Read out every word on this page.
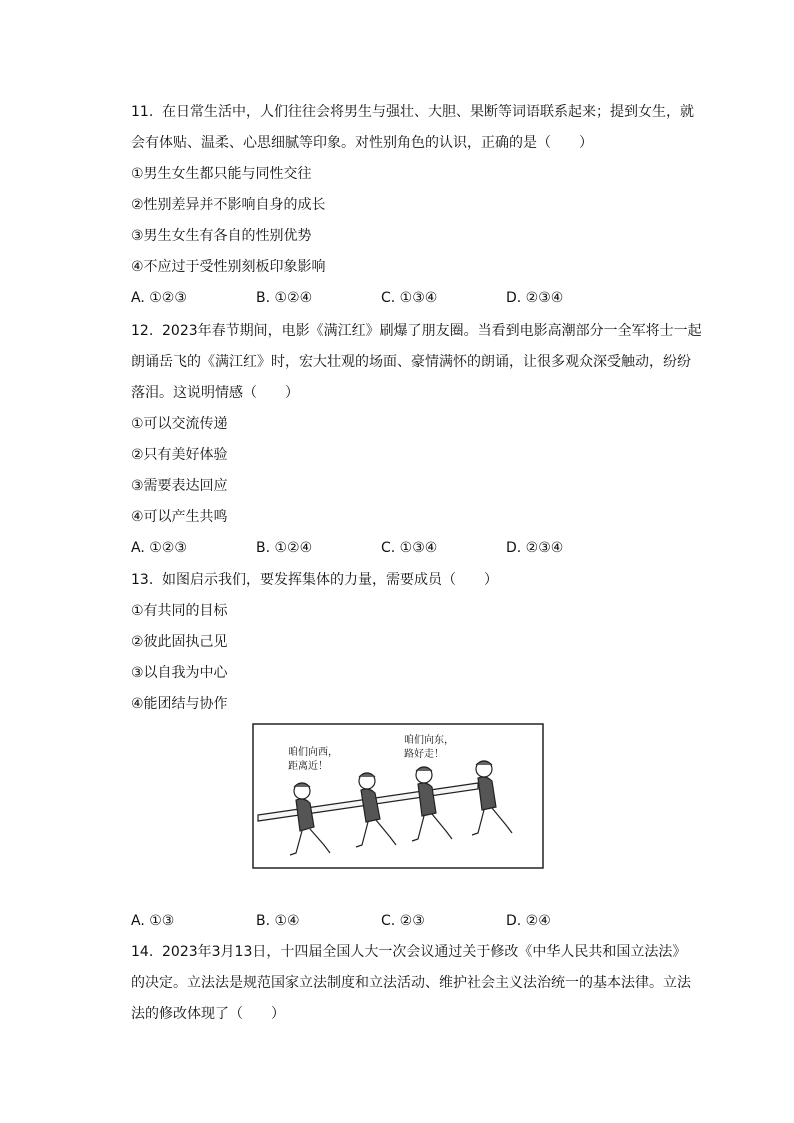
11. 在日常生活中，人们往往会将男生与强壮、大胆、果断等词语联系起来；提到女生，就
会有体贴、温柔、心思细腻等印象。对性别角色的认识，正确的是（　　）
①男生女生都只能与同性交往
②性别差异并不影响自身的成长
③男生女生有各自的性别优势
④不应过于受性别刻板印象影响
A. ①②③	B. ①②④	C. ①③④	D. ②③④
12. 2023年春节期间，电影《满江红》刷爆了朋友圈。当看到电影高潮部分一全军将士一起
朗诵岳飞的《满江红》时，宏大壮观的场面、豪情满怀的朗诵，让很多观众深受触动，纷纷
落泪。这说明情感（　　）
①可以交流传递
②只有美好体验
③需要表达回应
④可以产生共鸣
A. ①②③	B. ①②④	C. ①③④	D. ②③④
13. 如图启示我们，要发挥集体的力量，需要成员（　　）
①有共同的目标
②彼此固执己见
③以自我为中心
④能团结与协作
咱们向西，
距离近！
咱们向东，
路好走！
A. ①③	B. ①④	C. ②③	D. ②④
14. 2023年3月13日，十四届全国人大一次会议通过关于修改《中华人民共和国立法法》
的决定。立法法是规范国家立法制度和立法活动、维护社会主义法治统一的基本法律。立法
法的修改体现了（　　）
